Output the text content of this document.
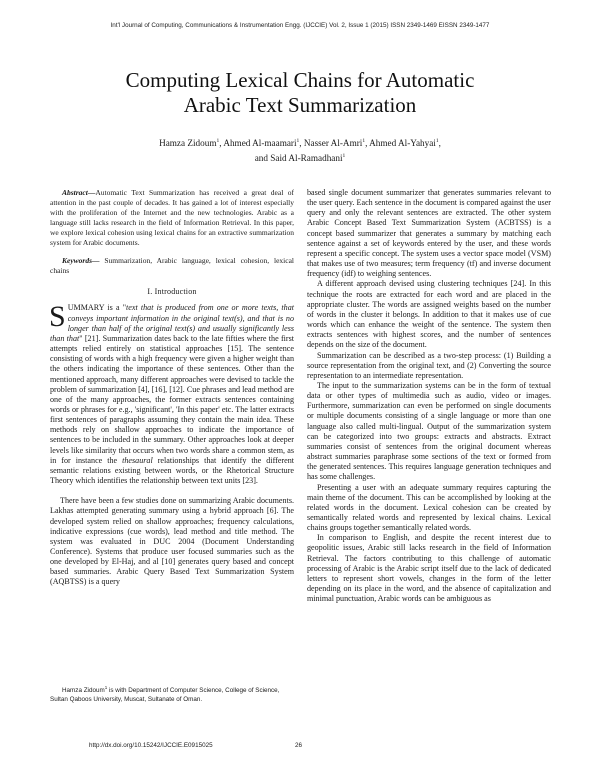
Int'l Journal of Computing, Communications & Instrumentation Engg. (IJCCIE) Vol. 2, Issue 1 (2015) ISSN 2349-1469 EISSN 2349-1477
Computing Lexical Chains for Automatic
Arabic Text Summarization
Hamza Zidoum$^1$, Ahmed Al-maamari$^1$, Nasser Al-Amri$^1$, Ahmed Al-Yahyai$^1$,
and Said Al-Ramadhani$^1$

Abstract—Automatic Text Summarization has received a great deal of attention in the past couple of decades. It has gained a lot of interest especially with the proliferation of the Internet and the new technologies. Arabic as a language still lacks research in the field of Information Retrieval. In this paper, we explore lexical cohesion using lexical chains for an extractive summarization system for Arabic documents.

Keywords— Summarization, Arabic language, lexical cohesion, lexical chains

I. Introduction

SUMMARY is a "text that is produced from one or more texts, that conveys important information in the original text(s), and that is no longer than half of the original text(s) and usually significantly less than that" [21]. Summarization dates back to the late fifties where the first attempts relied entirely on statistical approaches [15]. The sentence consisting of words with a high frequency were given a higher weight than the others indicating the importance of these sentences. Other than the mentioned approach, many different approaches were devised to tackle the problem of summarization [4], [16], [12]. Cue phrases and lead method are one of the many approaches, the former extracts sentences containing words or phrases for e.g., 'significant', 'In this paper' etc. The latter extracts first sentences of paragraphs assuming they contain the main idea. These methods rely on shallow approaches to indicate the importance of sentences to be included in the summary. Other approaches look at deeper levels like similarity that occurs when two words share a common stem, as in for instance the thesaural relationships that identify the different semantic relations existing between words, or the Rhetorical Structure Theory which identifies the relationship between text units [23].

There have been a few studies done on summarizing Arabic documents. Lakhas attempted generating summary using a hybrid approach [6]. The developed system relied on shallow approaches; frequency calculations, indicative expressions (cue words), lead method and title method. The system was evaluated in DUC 2004 (Document Understanding Conference). Systems that produce user focused summaries such as the one developed by El-Haj, and al [10] generates query based and concept based summaries. Arabic Query Based Text Summarization System (AQBTSS) is a query

based single document summarizer that generates summaries relevant to the user query. Each sentence in the document is compared against the user query and only the relevant sentences are extracted. The other system Arabic Concept Based Text Summarization System (ACBTSS) is a concept based summarizer that generates a summary by matching each sentence against a set of keywords entered by the user, and these words represent a specific concept. The system uses a vector space model (VSM) that makes use of two measures; term frequency (tf) and inverse document frequency (idf) to weighing sentences.

A different approach devised using clustering techniques [24]. In this technique the roots are extracted for each word and are placed in the appropriate cluster. The words are assigned weights based on the number of words in the cluster it belongs. In addition to that it makes use of cue words which can enhance the weight of the sentence. The system then extracts sentences with highest scores, and the number of sentences depends on the size of the document.

Summarization can be described as a two-step process: (1) Building a source representation from the original text, and (2) Converting the source representation to an intermediate representation.

The input to the summarization systems can be in the form of textual data or other types of multimedia such as audio, video or images. Furthermore, summarization can even be performed on single documents or multiple documents consisting of a single language or more than one language also called multi-lingual. Output of the summarization system can be categorized into two groups: extracts and abstracts. Extract summaries consist of sentences from the original document whereas abstract summaries paraphrase some sections of the text or formed from the generated sentences. This requires language generation techniques and has some challenges.

Presenting a user with an adequate summary requires capturing the main theme of the document. This can be accomplished by looking at the related words in the document. Lexical cohesion can be created by semantically related words and represented by lexical chains. Lexical chains groups together semantically related words.

In comparison to English, and despite the recent interest due to geopolitic issues, Arabic still lacks research in the field of Information Retrieval. The factors contributing to this challenge of automatic processing of Arabic is the Arabic script itself due to the lack of dedicated letters to represent short vowels, changes in the form of the letter depending on its place in the word, and the absence of capitalization and minimal punctuation, Arabic words can be ambiguous as

Hamza Zidoum$^1$ is with Department of Computer Science, College of Science, Sultan Qaboos University, Muscat, Sultanate of Oman.
http://dx.doi.org/10.15242/IJCCIE.E0915025	26
